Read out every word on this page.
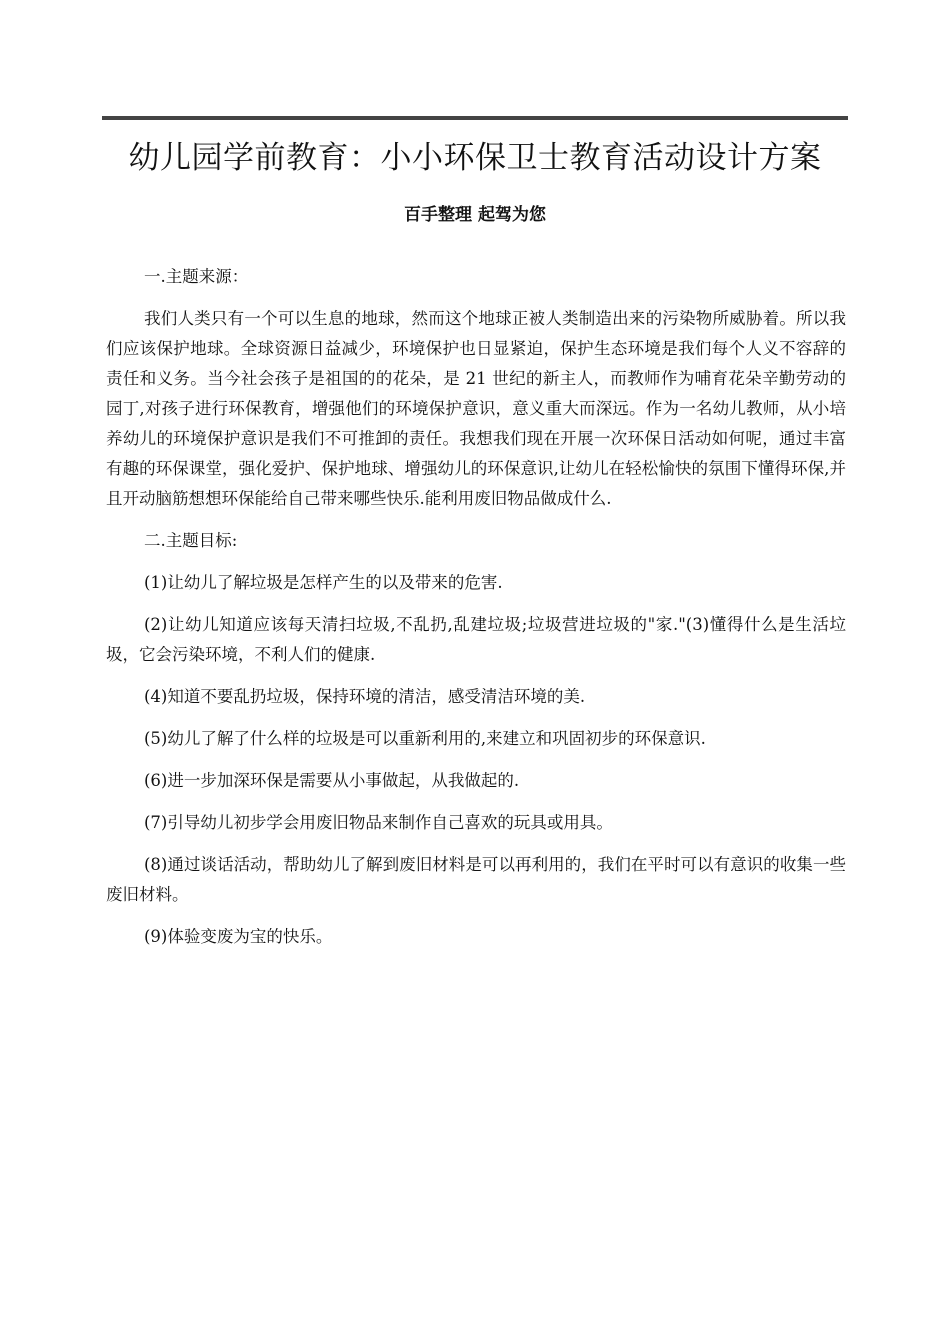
幼儿园学前教育：小小环保卫士教育活动设计方案

百手整理 起驾为您

一.主题来源：

我们人类只有一个可以生息的地球，然而这个地球正被人类制造出来的污染物所威胁着。所以我们应该保护地球。全球资源日益减少，环境保护也日显紧迫，保护生态环境是我们每个人义不容辞的责任和义务。当今社会孩子是祖国的的花朵，是 21 世纪的新主人，而教师作为哺育花朵辛勤劳动的园丁,对孩子进行环保教育，增强他们的环境保护意识，意义重大而深远。作为一名幼儿教师，从小培养幼儿的环境保护意识是我们不可推卸的责任。我想我们现在开展一次环保日活动如何呢，通过丰富有趣的环保课堂，强化爱护、保护地球、增强幼儿的环保意识,让幼儿在轻松愉快的氛围下懂得环保,并且开动脑筋想想环保能给自己带来哪些快乐.能利用废旧物品做成什么.

二.主题目标:

(1)让幼儿了解垃圾是怎样产生的以及带来的危害.
(2)让幼儿知道应该每天清扫垃圾,不乱扔,乱建垃圾;垃圾营进垃圾的"家."(3)懂得什么是生活垃圾，它会污染环境，不利人们的健康.
(4)知道不要乱扔垃圾，保持环境的清洁，感受清洁环境的美.
(5)幼儿了解了什么样的垃圾是可以重新利用的,来建立和巩固初步的环保意识.
(6)进一步加深环保是需要从小事做起，从我做起的.
(7)引导幼儿初步学会用废旧物品来制作自己喜欢的玩具或用具。
(8)通过谈话活动，帮助幼儿了解到废旧材料是可以再利用的，我们在平时可以有意识的收集一些废旧材料。
(9)体验变废为宝的快乐。
